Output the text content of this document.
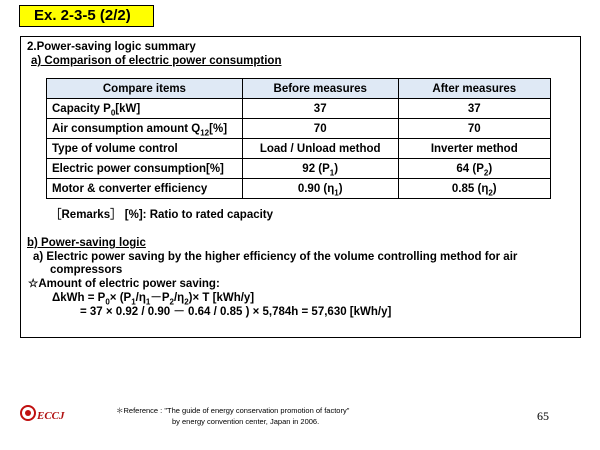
Ex. 2-3-5 (2/2)
2.Power-saving logic summary
a) Comparison of electric power consumption
Compare items	Before measures	After measures
Capacity $P_0[kW]$	37	37
Air consumption amount $Q_{12}[\%]$	70	70
Type of volume control	Load / Unload method	Inverter method
Electric power consumption[%]	92 $(P_1)$	64 $(P_2)$
Motor & converter efficiency	0.90 $(\eta_1)$	0.85 $(\eta_2)$
［Remarks］ [%]: Ratio to rated capacity
b) Power-saving logic
a) Electric power saving by the higher efficiency of the volume controlling method for air
compressors
☆Amount of electric power saving:
$\Delta kWh = P_0\times (P_1/\eta_1-P_2/\eta_2)\times T$ [kWh/y]
= 37 × 0.92 / 0.90 － 0.64 / 0.85 ) × 5,784h = 57,630 [kWh/y]
ECCJ	＊Reference : "The guide of energy conservation promotion of factory"
by energy convention center, Japan in 2006.	65
